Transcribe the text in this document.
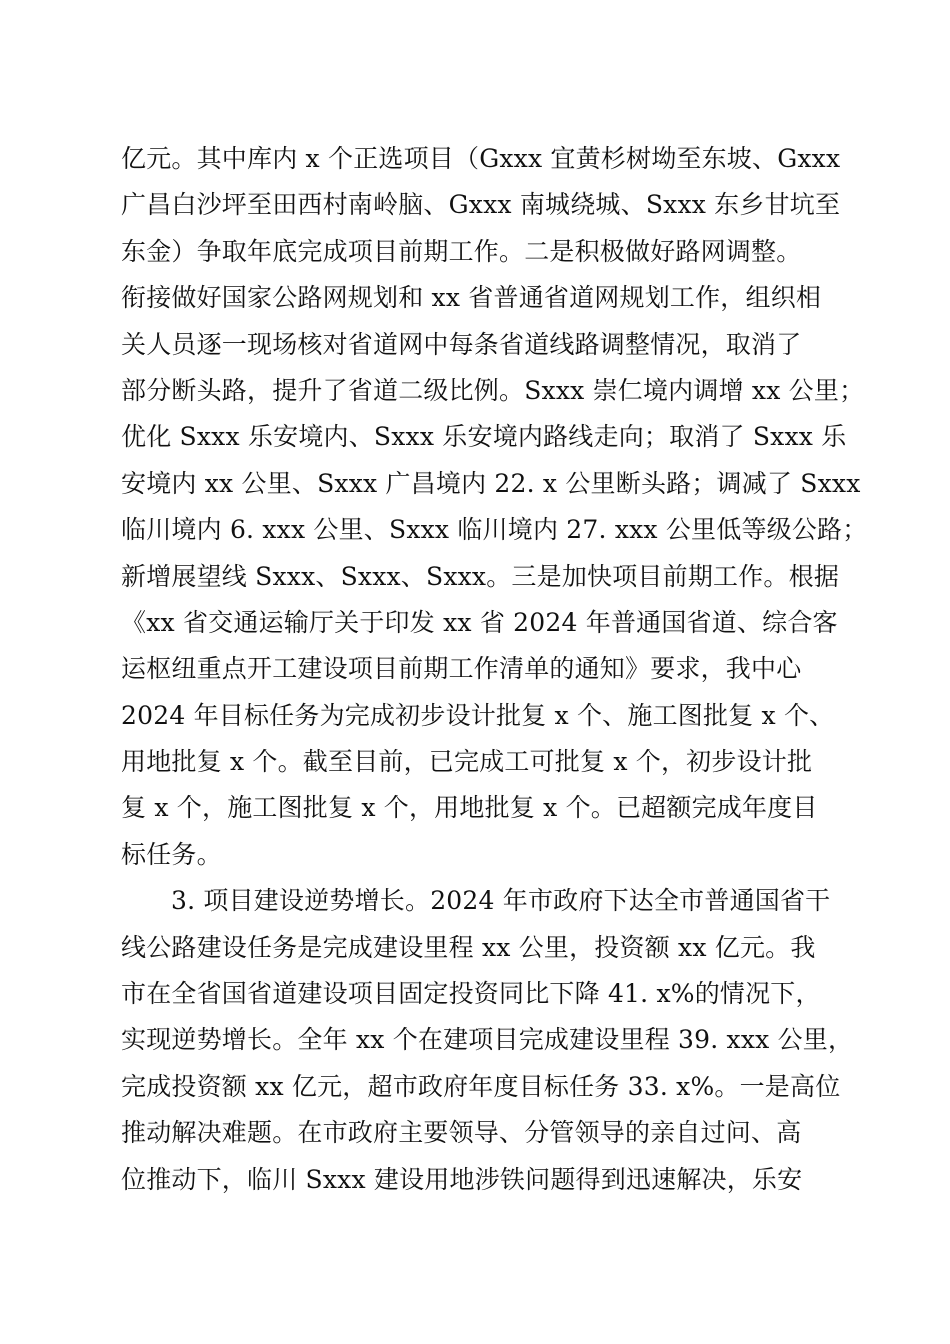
亿元。其中库内 x 个正选项目（Gxxx 宜黄杉树坳至东坡、Gxxx
广昌白沙坪至田西村南岭脑、Gxxx 南城绕城、Sxxx 东乡甘坑至
东金）争取年底完成项目前期工作。二是积极做好路网调整。
衔接做好国家公路网规划和 xx 省普通省道网规划工作，组织相
关人员逐一现场核对省道网中每条省道线路调整情况，取消了
部分断头路，提升了省道二级比例。Sxxx 崇仁境内调增 xx 公里；
优化 Sxxx 乐安境内、Sxxx 乐安境内路线走向；取消了 Sxxx 乐
安境内 xx 公里、Sxxx 广昌境内 22. x 公里断头路；调减了 Sxxx
临川境内 6. xxx 公里、Sxxx 临川境内 27. xxx 公里低等级公路；
新增展望线 Sxxx、Sxxx、Sxxx。三是加快项目前期工作。根据
《xx 省交通运输厅关于印发 xx 省 2024 年普通国省道、综合客
运枢纽重点开工建设项目前期工作清单的通知》要求，我中心
2024 年目标任务为完成初步设计批复 x 个、施工图批复 x 个、
用地批复 x 个。截至目前，已完成工可批复 x 个，初步设计批
复 x 个，施工图批复 x 个，用地批复 x 个。已超额完成年度目
标任务。
3. 项目建设逆势增长。2024 年市政府下达全市普通国省干
线公路建设任务是完成建设里程 xx 公里，投资额 xx 亿元。我
市在全省国省道建设项目固定投资同比下降 41. x%的情况下，
实现逆势增长。全年 xx 个在建项目完成建设里程 39. xxx 公里，
完成投资额 xx 亿元，超市政府年度目标任务 33. x%。一是高位
推动解决难题。在市政府主要领导、分管领导的亲自过问、高
位推动下，临川 Sxxx 建设用地涉铁问题得到迅速解决，乐安
